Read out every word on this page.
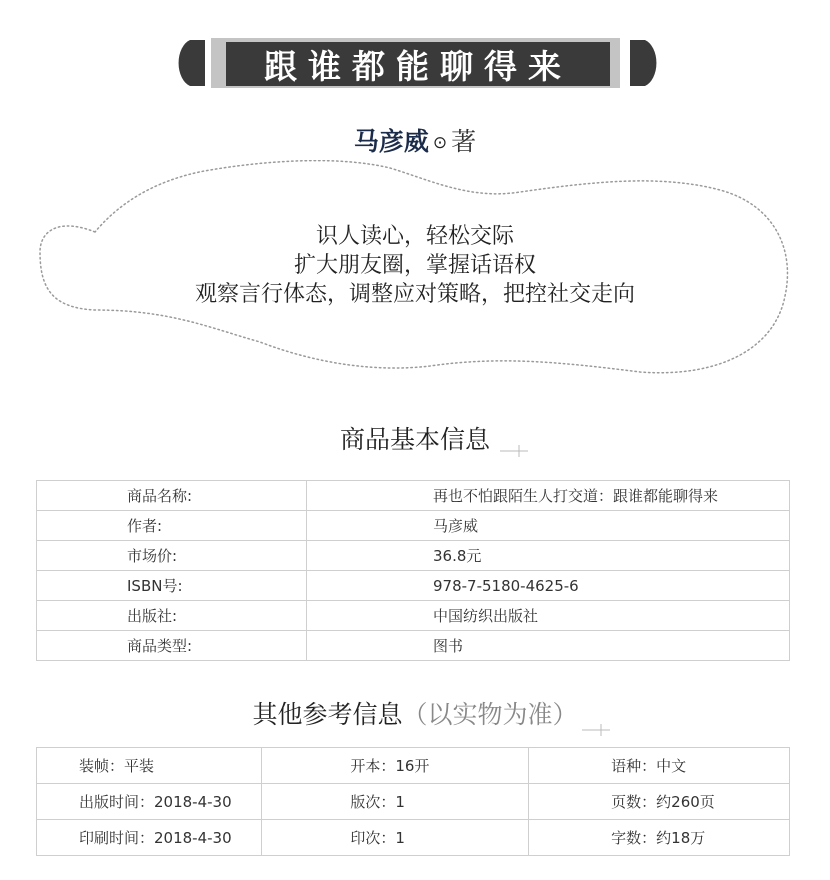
跟谁都能聊得来
马彦威 ⊙ 著
识人读心，轻松交际
扩大朋友圈，掌握话语权
观察言行体态，调整应对策略，把控社交走向
商品基本信息
商品名称:	再也不怕跟陌生人打交道：跟谁都能聊得来
作者:	马彦威
市场价:	36.8元
ISBN号:	978-7-5180-4625-6
出版社:	中国纺织出版社
商品类型:	图书
其他参考信息（以实物为准）
装帧：平装	开本：16开	语种：中文
出版时间：2018-4-30	版次：1	页数：约260页
印刷时间：2018-4-30	印次：1	字数：约18万
